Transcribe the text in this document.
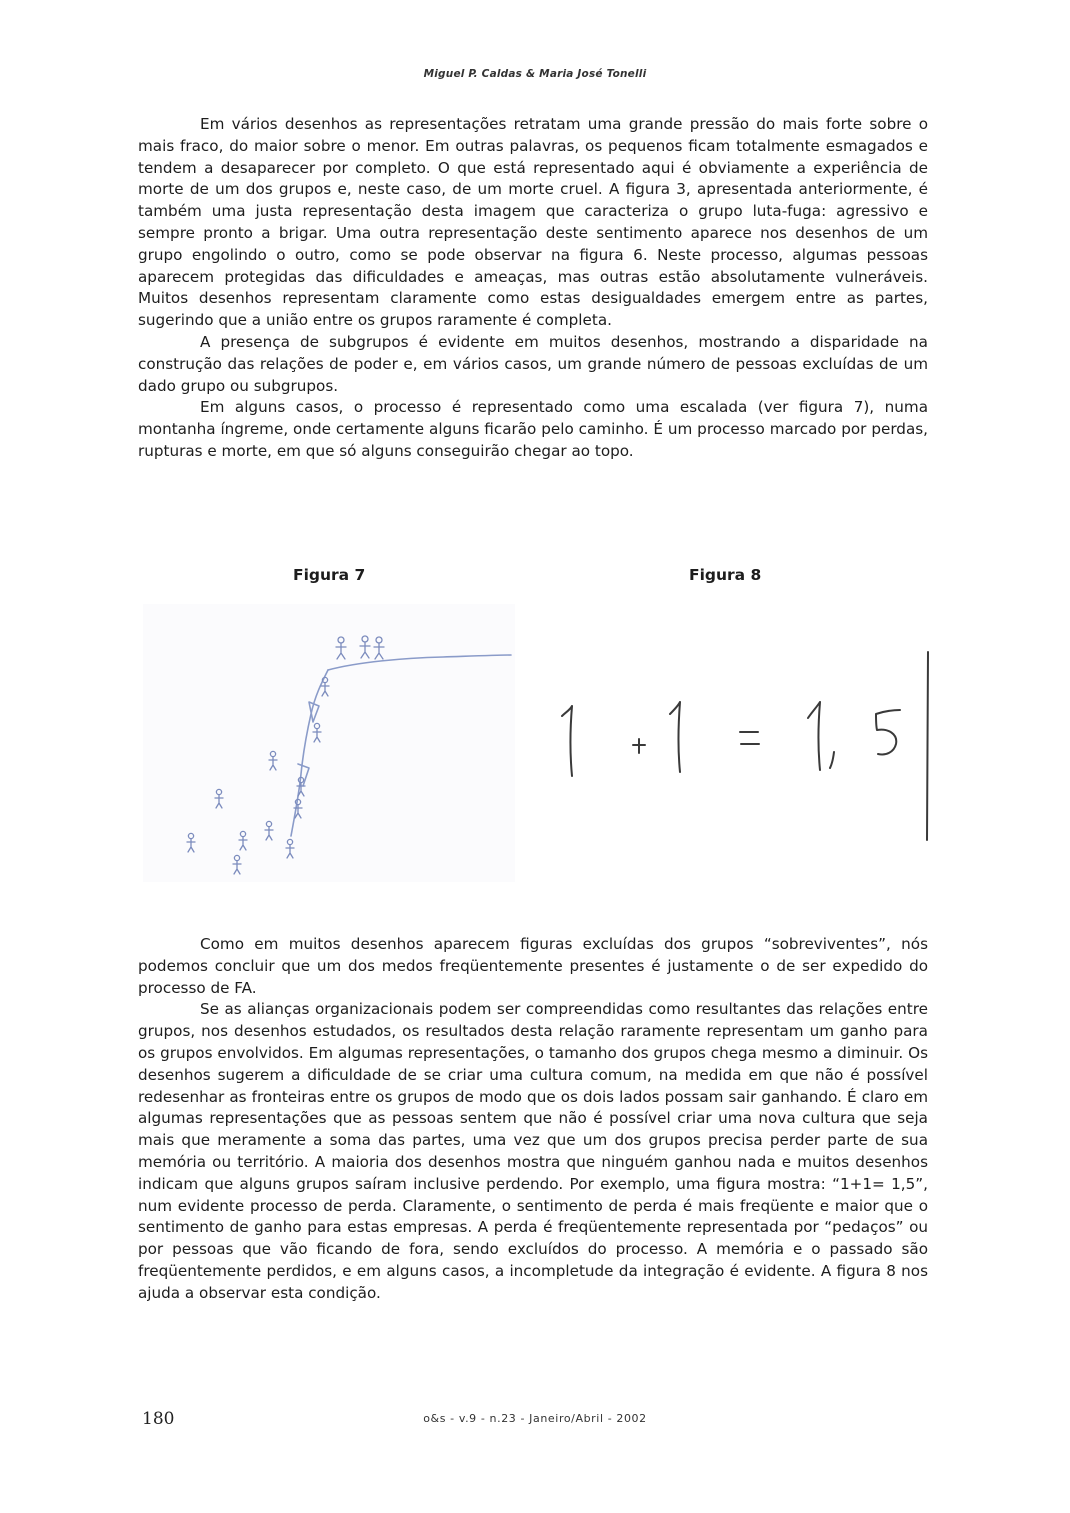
Miguel P. Caldas & Maria José Tonelli

Em vários desenhos as representações retratam uma grande pressão do mais forte sobre o mais fraco, do maior sobre o menor. Em outras palavras, os pequenos ficam totalmente esmagados e tendem a desaparecer por completo. O que está representado aqui é obviamente a experiência de morte de um dos grupos e, neste caso, de um morte cruel. A figura 3, apresentada anteriormente, é também uma justa representação desta imagem que caracteriza o grupo luta-fuga: agressivo e sempre pronto a brigar. Uma outra representação deste sentimento aparece nos desenhos de um grupo engolindo o outro, como se pode observar na figura 6. Neste processo, algumas pessoas aparecem protegidas das dificuldades e ameaças, mas outras estão absolutamente vulneráveis. Muitos desenhos representam claramente como estas desigualdades emergem entre as partes, sugerindo que a união entre os grupos raramente é completa.

A presença de subgrupos é evidente em muitos desenhos, mostrando a disparidade na construção das relações de poder e, em vários casos, um grande número de pessoas excluídas de um dado grupo ou subgrupos.

Em alguns casos, o processo é representado como uma escalada (ver figura 7), numa montanha íngreme, onde certamente alguns ficarão pelo caminho. É um processo marcado por perdas, rupturas e morte, em que só alguns conseguirão chegar ao topo.

Figura 7	Figura 8

Como em muitos desenhos aparecem figuras excluídas dos grupos “sobreviventes”, nós podemos concluir que um dos medos freqüentemente presentes é justamente o de ser expedido do processo de FA.

Se as alianças organizacionais podem ser compreendidas como resultantes das relações entre grupos, nos desenhos estudados, os resultados desta relação raramente representam um ganho para os grupos envolvidos. Em algumas representações, o tamanho dos grupos chega mesmo a diminuir. Os desenhos sugerem a dificuldade de se criar uma cultura comum, na medida em que não é possível redesenhar as fronteiras entre os grupos de modo que os dois lados possam sair ganhando. É claro em algumas representações que as pessoas sentem que não é possível criar uma nova cultura que seja mais que meramente a soma das partes, uma vez que um dos grupos precisa perder parte de sua memória ou território. A maioria dos desenhos mostra que ninguém ganhou nada e muitos desenhos indicam que alguns grupos saíram inclusive perdendo. Por exemplo, uma figura mostra: “1+1= 1,5”, num evidente processo de perda. Claramente, o sentimento de perda é mais freqüente e maior que o sentimento de ganho para estas empresas. A perda é freqüentemente representada por “pedaços” ou por pessoas que vão ficando de fora, sendo excluídos do processo. A memória e o passado são freqüentemente perdidos, e em alguns casos, a incompletude da integração é evidente. A figura 8 nos ajuda a observar esta condição.

180	o&s - v.9 - n.23 - Janeiro/Abril - 2002
